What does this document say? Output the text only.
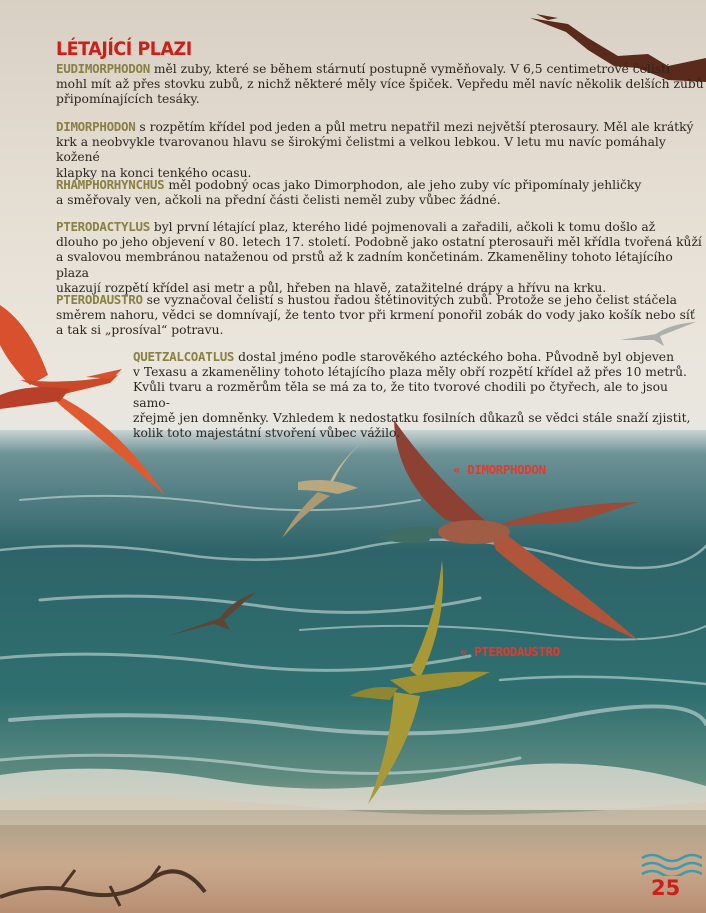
LÉTAJÍCÍ PLAZI
EUDIMORPHODON měl zuby, které se během stárnutí postupně vyměňovaly. V 6,5 centimetrové čelisti
mohl mít až přes stovku zubů, z nichž některé měly více špiček. Vepředu měl navíc několik delších zubů
připomínajících tesáky.
DIMORPHODON s rozpětím křídel pod jeden a půl metru nepatřil mezi největší pterosaury. Měl ale krátký
krk a neobvykle tvarovanou hlavu se širokými čelistmi a velkou lebkou. V letu mu navíc pomáhaly kožené
klapky na konci tenkého ocasu.
RHAMPHORHYNCHUS měl podobný ocas jako Dimorphodon, ale jeho zuby víc připomínaly jehličky
a směřovaly ven, ačkoli na přední části čelisti neměl zuby vůbec žádné.
PTERODACTYLUS byl první létající plaz, kterého lidé pojmenovali a zařadili, ačkoli k tomu došlo až
dlouho po jeho objevení v 80. letech 17. století. Podobně jako ostatní pterosauři měl křídla tvořená kůží
a svalovou membránou nataženou od prstů až k zadním končetinám. Zkameněliny tohoto létajícího plaza
ukazují rozpětí křídel asi metr a půl, hřeben na hlavě, zatažitelné drápy a hřívu na krku.
PTERODAUSTRO se vyznačoval čelistí s hustou řadou štětinovitých zubů. Protože se jeho čelist stáčela
směrem nahoru, vědci se domnívají, že tento tvor při krmení ponořil zobák do vody jako košík nebo síť
a tak si „prosíval“ potravu.
QUETZALCOATLUS dostal jméno podle starověkého aztéckého boha. Původně byl objeven
v Texasu a zkameněliny tohoto létajícího plaza měly obří rozpětí křídel až přes 10 metrů.
Kvůli tvaru a rozměrům těla se má za to, že tito tvorové chodili po čtyřech, ale to jsou samo-
zřejmě jen domněnky. Vzhledem k nedostatku fosilních důkazů se vědci stále snaží zjistit,
kolik toto majestátní stvoření vůbec vážilo.
« DIMORPHODON
« PTERODAUSTRO
25
